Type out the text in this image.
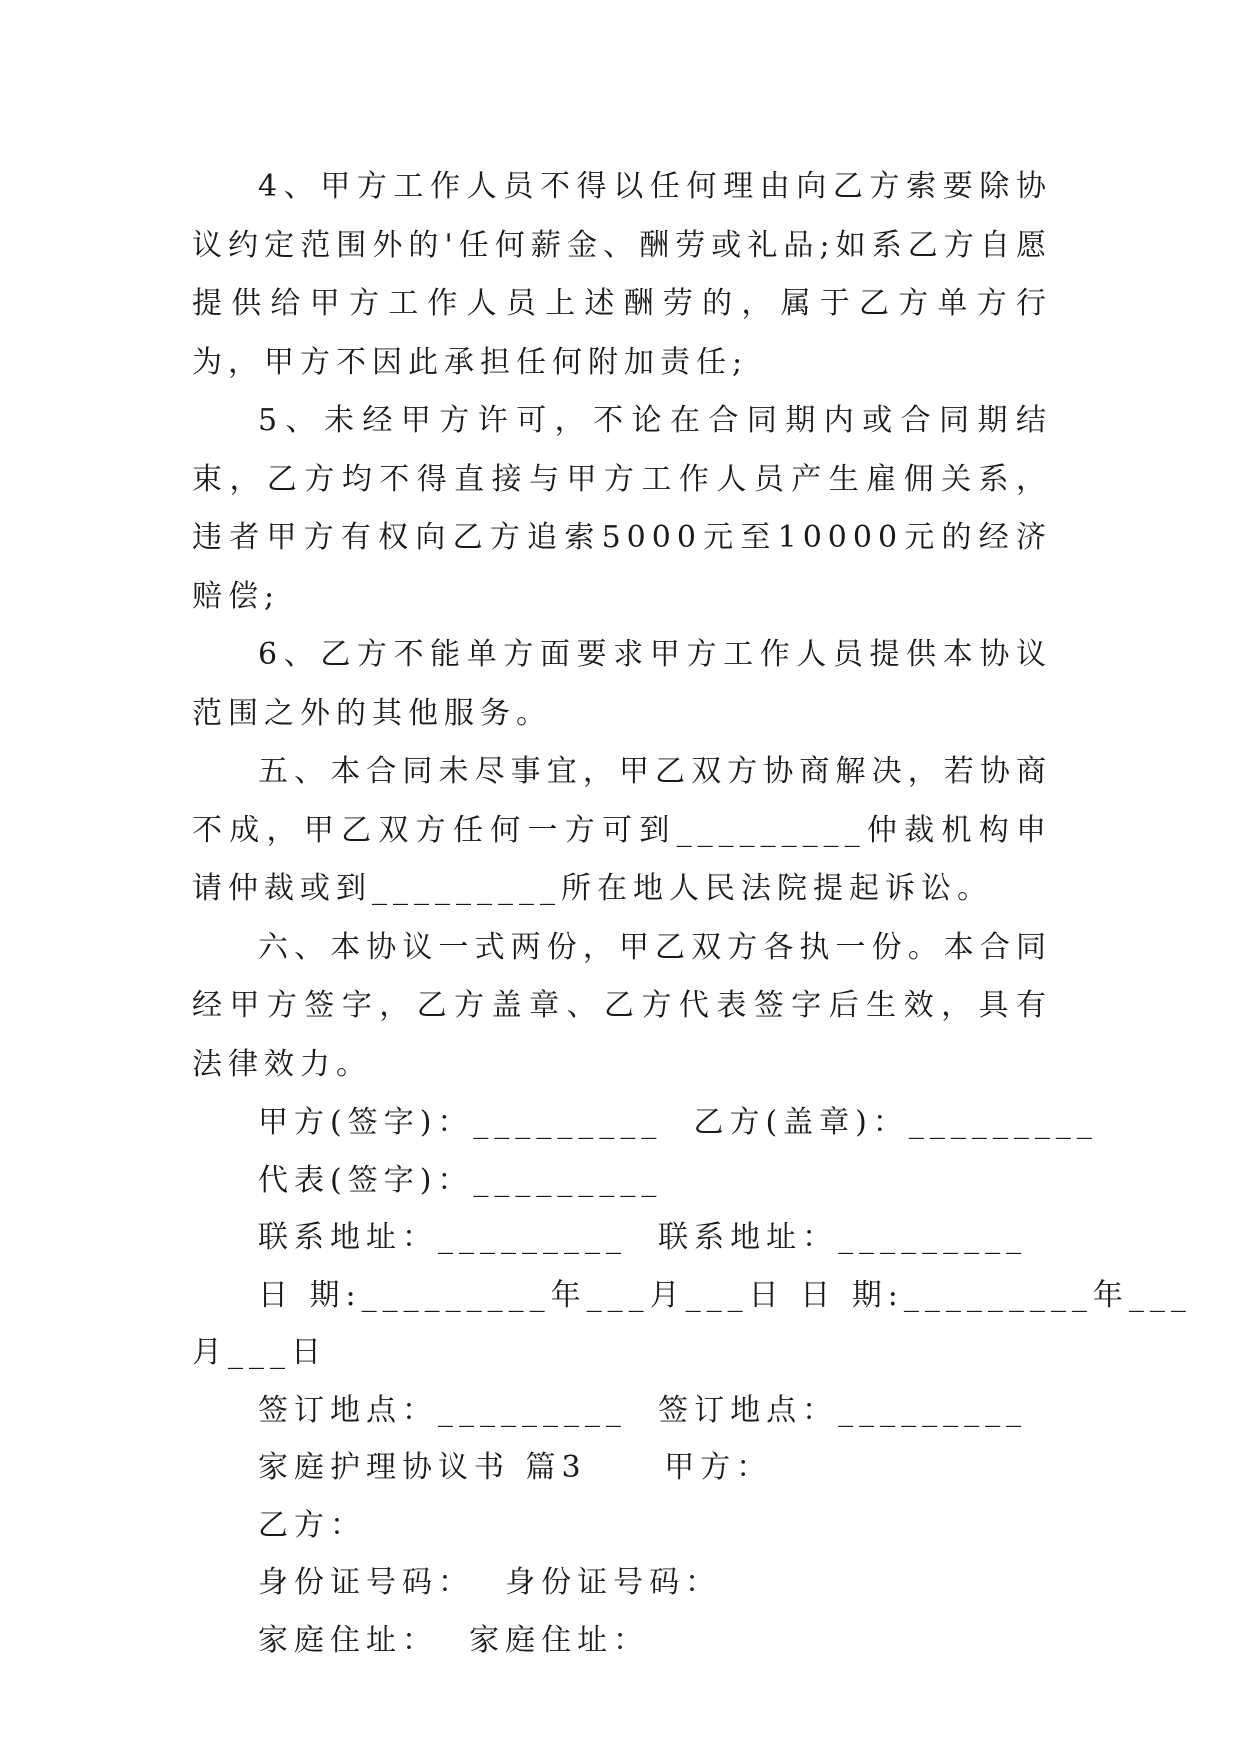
4、甲方工作人员不得以任何理由向乙方索要除协议约定范围外的'任何薪金、酬劳或礼品;如系乙方自愿提供给甲方工作人员上述酬劳的，属于乙方单方行为，甲方不因此承担任何附加责任;

5、未经甲方许可，不论在合同期内或合同期结束，乙方均不得直接与甲方工作人员产生雇佣关系，违者甲方有权向乙方追索5000元至10000元的经济赔偿;

6、乙方不能单方面要求甲方工作人员提供本协议范围之外的其他服务。

五、本合同未尽事宜，甲乙双方协商解决，若协商不成，甲乙双方任何一方可到_________仲裁机构申请仲裁或到_________所在地人民法院提起诉讼。

六、本协议一式两份，甲乙双方各执一份。本合同经甲方签字，乙方盖章、乙方代表签字后生效，具有法律效力。

甲方(签字)：_________  乙方(盖章)：_________

代表(签字)：_________

联系地址：_________  联系地址：_________

日 期:_________年___月___日 日 期:_________年___

月___日

签订地点：_________  签订地点：_________

家庭护理协议书 篇3     甲方：

乙方：

身份证号码：  身份证号码：

家庭住址：  家庭住址：
